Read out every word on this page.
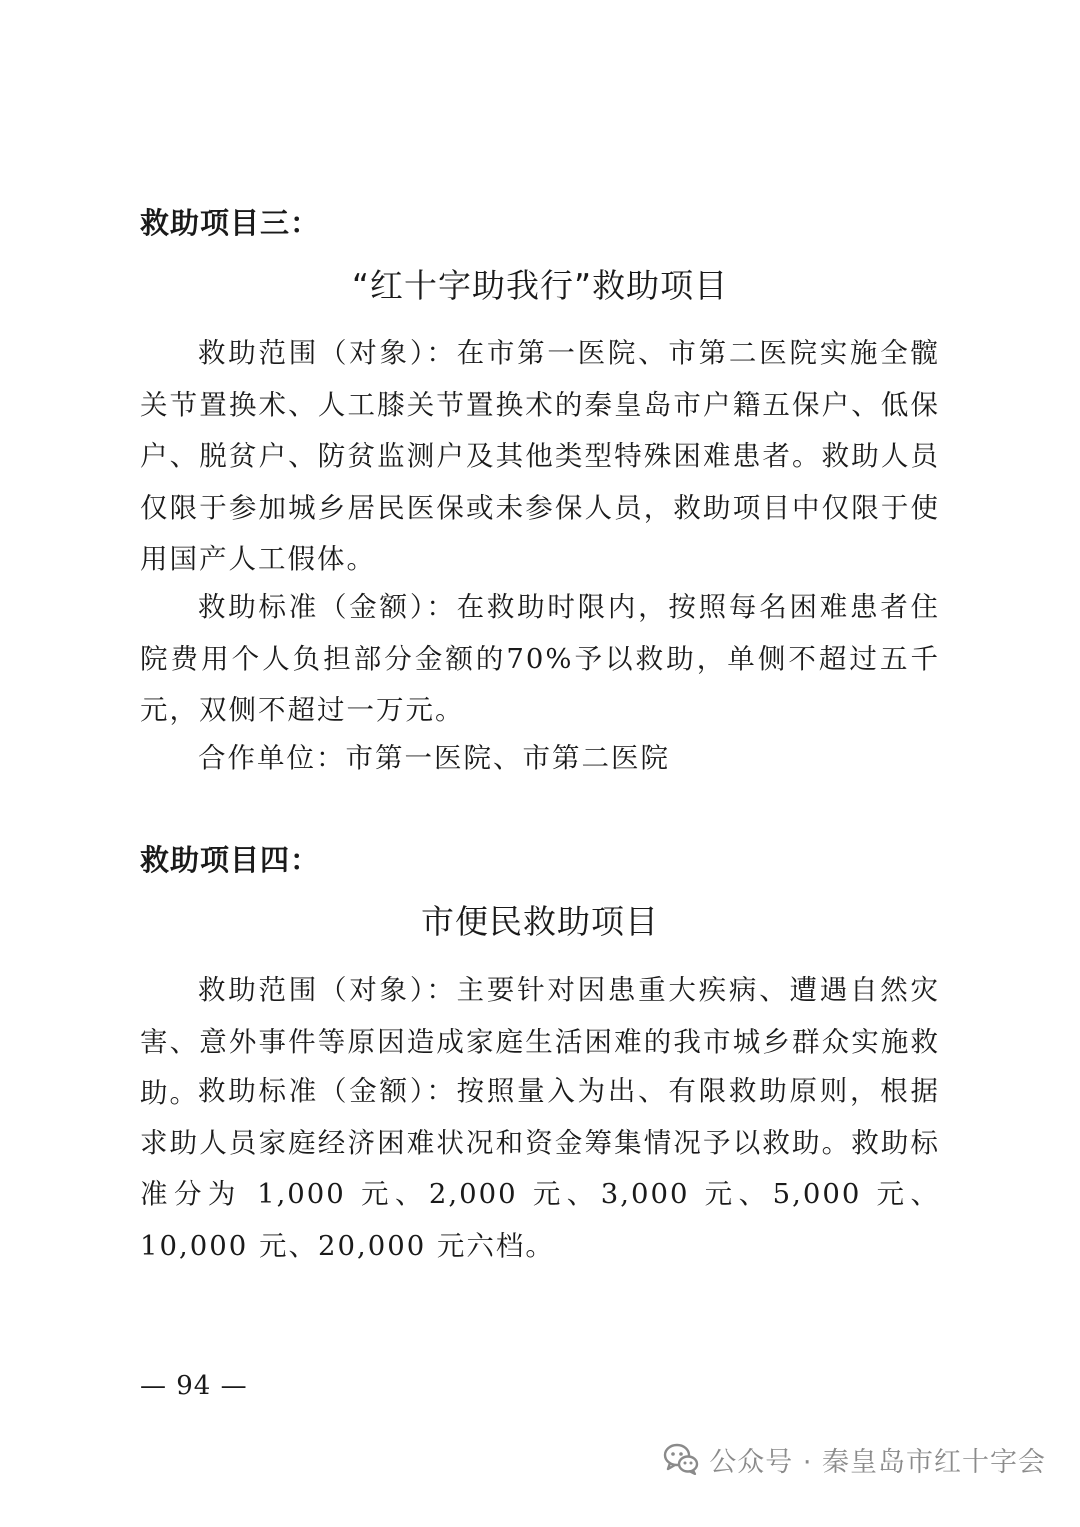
救助项目三：
“红十字助我行”救助项目

救助范围（对象）：在市第一医院、市第二医院实施全髋关节置换术、人工膝关节置换术的秦皇岛市户籍五保户、低保户、脱贫户、防贫监测户及其他类型特殊困难患者。救助人员仅限于参加城乡居民医保或未参保人员，救助项目中仅限于使用国产人工假体。

救助标准（金额）：在救助时限内，按照每名困难患者住院费用个人负担部分金额的70%予以救助，单侧不超过五千元，双侧不超过一万元。

合作单位：市第一医院、市第二医院

救助项目四：
市便民救助项目

救助范围（对象）：主要针对因患重大疾病、遭遇自然灾害、意外事件等原因造成家庭生活困难的我市城乡群众实施救助。 救助标准（金额）：按照量入为出、有限救助原则，根据求助人员家庭经济困难状况和资金筹集情况予以救助。救助标准分为 1,000 元、2,000 元、3,000 元、5,000 元、10,000 元、20,000 元六档。

— 94 —
公众号 · 秦皇岛市红十字会
